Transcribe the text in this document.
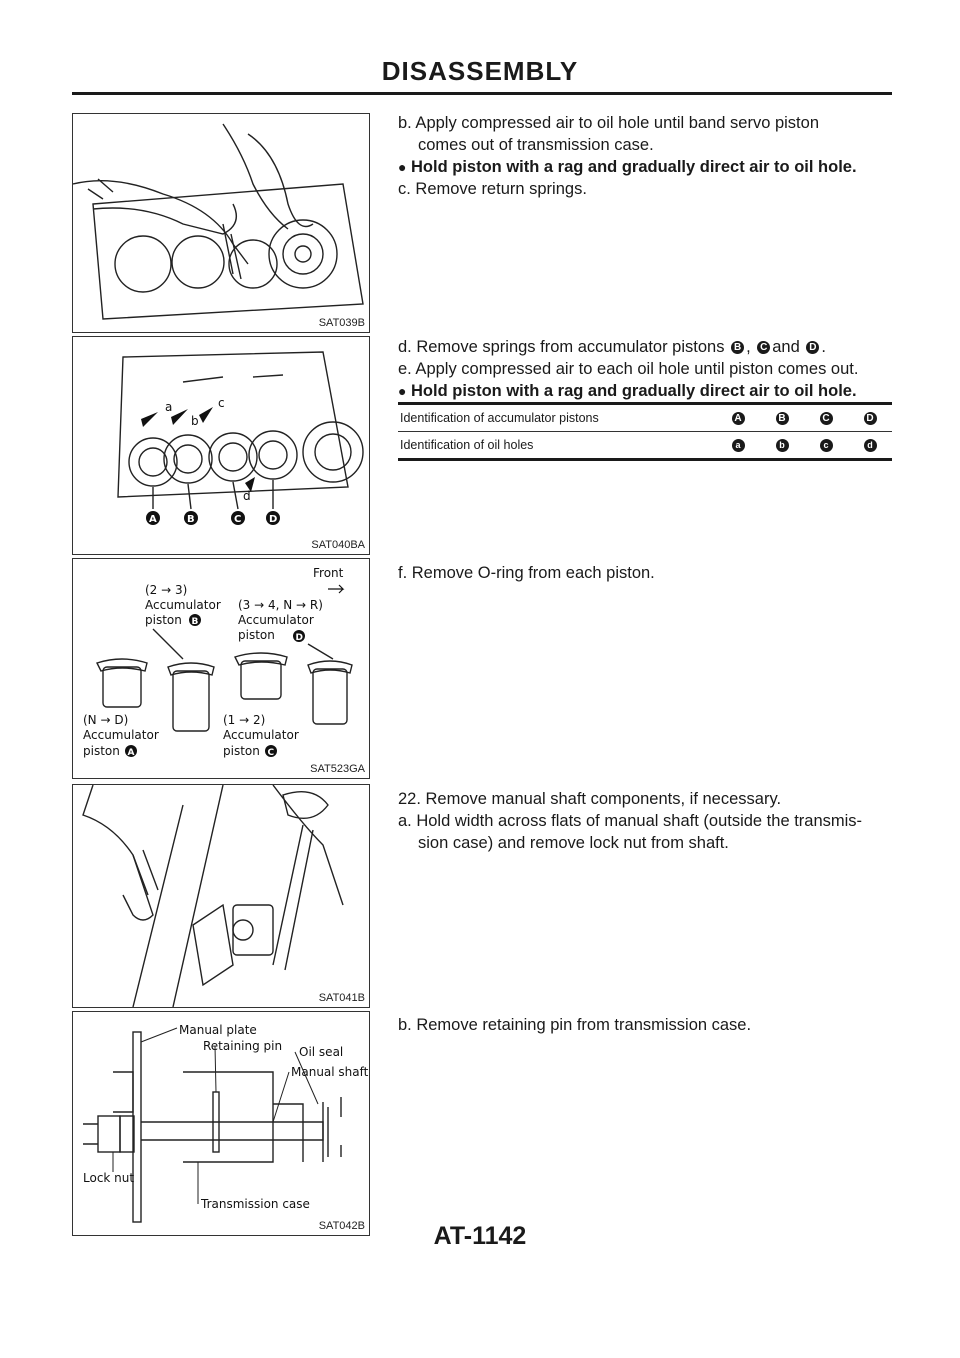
DISASSEMBLY
SAT039B
a
b
c
d
A	B	C	D
SAT040BA
Front
(2 → 3)
Accumulator
piston B
(3 → 4, N → R)
Accumulator
piston D
(N → D)
Accumulator
piston A
(1 → 2)
Accumulator
piston C
SAT523GA
SAT041B
Manual plate
Retaining pin Oil seal
Manual shaft
Lock nut
Transmission case
SAT042B

b. Apply compressed air to oil hole until band servo piston

comes out of transmission case.

● Hold piston with a rag and gradually direct air to oil hole.

c. Remove return springs.

d. Remove springs from accumulator pistons B , C and D .

e. Apply compressed air to each oil hole until piston comes out.

● Hold piston with a rag and gradually direct air to oil hole.

Identification of accumulator pistons	A	B	C	D
Identification of oil holes	a	b	c	d

f. Remove O-ring from each piston.

22. Remove manual shaft components, if necessary.

a. Hold width across flats of manual shaft (outside the transmis-

sion case) and remove lock nut from shaft.

b. Remove retaining pin from transmission case.

AT-1142
